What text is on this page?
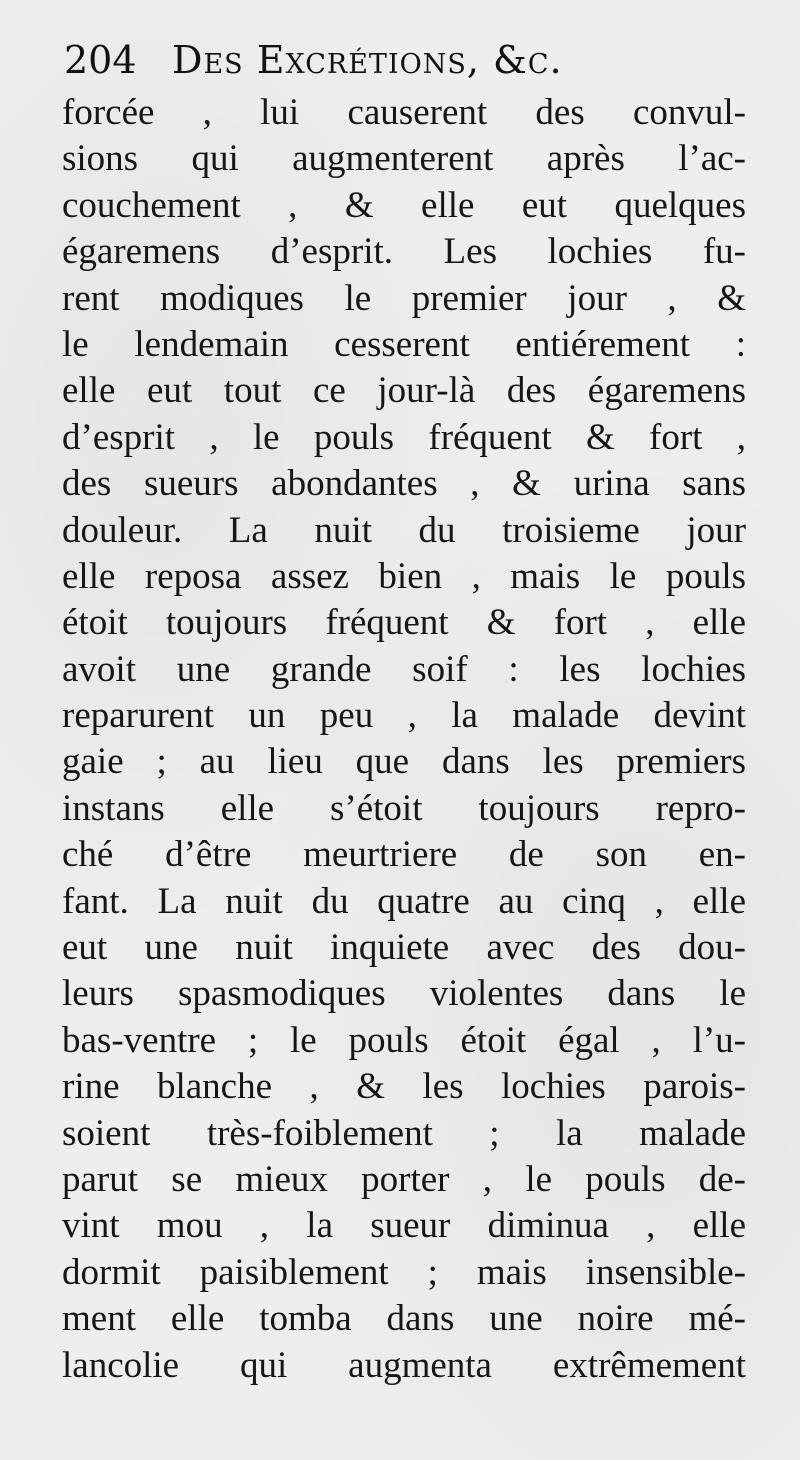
204 Des Excrétions, &c.
forcée , lui causerent des convul-
sions qui augmenterent après l’ac-
couchement , & elle eut quelques
égaremens d’esprit. Les lochies fu-
rent modiques le premier jour , &
le lendemain cesserent entiérement :
elle eut tout ce jour-là des égaremens
d’esprit , le pouls fréquent & fort ,
des sueurs abondantes , & urina sans
douleur. La nuit du troisieme jour
elle reposa assez bien , mais le pouls
étoit toujours fréquent & fort , elle
avoit une grande soif : les lochies
reparurent un peu , la malade devint
gaie ; au lieu que dans les premiers
instans elle s’étoit toujours repro-
ché d’être meurtriere de son en-
fant. La nuit du quatre au cinq , elle
eut une nuit inquiete avec des dou-
leurs spasmodiques violentes dans le
bas-ventre ; le pouls étoit égal , l’u-
rine blanche , & les lochies parois-
soient très-foiblement ; la malade
parut se mieux porter , le pouls de-
vint mou , la sueur diminua , elle
dormit paisiblement ; mais insensible-
ment elle tomba dans une noire mé-
lancolie qui augmenta extrêmement
